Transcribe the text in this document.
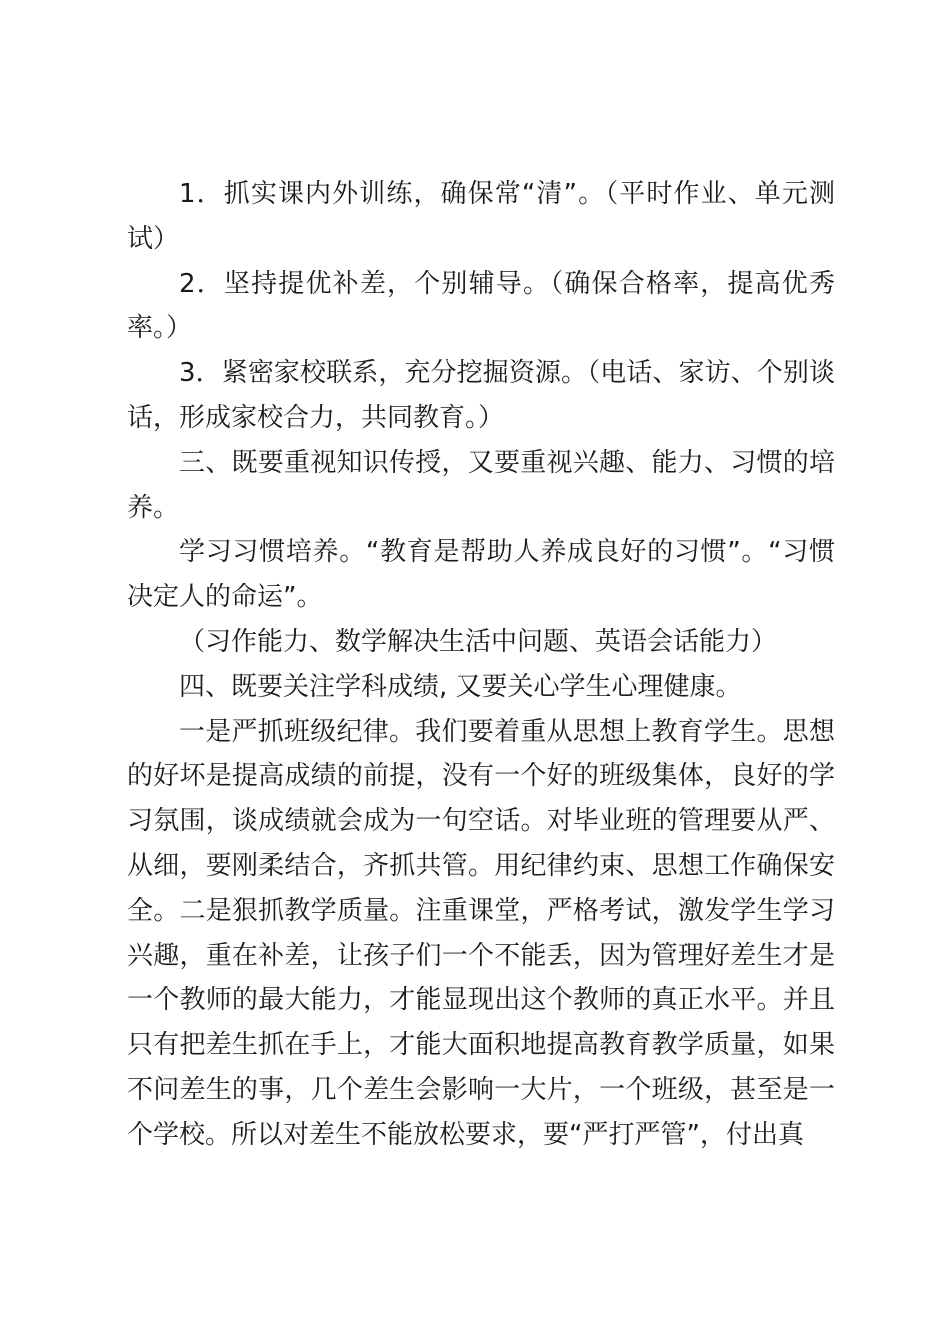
1．抓实课内外训练，确保常“清”。（平时作业、单元测试）

2．坚持提优补差，个别辅导。（确保合格率，提高优秀率。）

3．紧密家校联系，充分挖掘资源。（电话、家访、个别谈话，形成家校合力，共同教育。）

三、既要重视知识传授，又要重视兴趣、能力、习惯的培养。

学习习惯培养。“教育是帮助人养成良好的习惯”。“习惯决定人的命运”。

（习作能力、数学解决生活中问题、英语会话能力）

四、既要关注学科成绩, 又要关心学生心理健康。

一是严抓班级纪律。我们要着重从思想上教育学生。思想的好坏是提高成绩的前提，没有一个好的班级集体，良好的学习氛围，谈成绩就会成为一句空话。对毕业班的管理要从严、从细，要刚柔结合，齐抓共管。用纪律约束、思想工作确保安全。二是狠抓教学质量。注重课堂，严格考试，激发学生学习兴趣，重在补差，让孩子们一个不能丢，因为管理好差生才是一个教师的最大能力，才能显现出这个教师的真正水平。并且只有把差生抓在手上，才能大面积地提高教育教学质量，如果不问差生的事，几个差生会影响一大片，一个班级，甚至是一个学校。所以对差生不能放松要求，要“严打严管”，付出真
